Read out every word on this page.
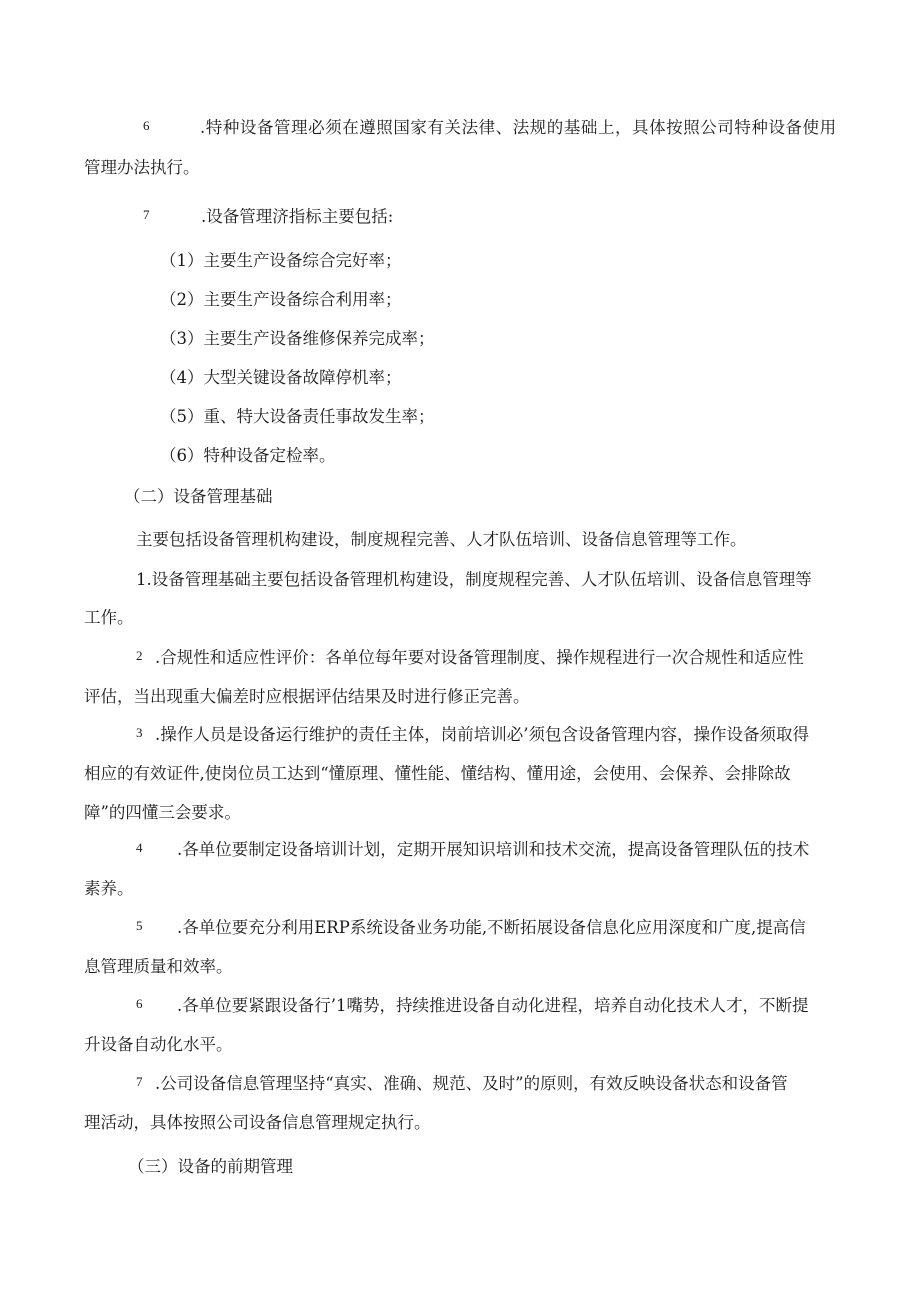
6	.特种设备管理必须在遵照国家有关法律、法规的基础上，具体按照公司特种设备使用
管理办法执行。
7	.设备管理济指标主要包括:
（1）主要生产设备综合完好率；
（2）主要生产设备综合利用率；
（3）主要生产设备维修保养完成率；
（4）大型关键设备故障停机率；
（5）重、特大设备责任事故发生率；
（6）特种设备定检率。
（二）设备管理基础
主要包括设备管理机构建设，制度规程完善、人才队伍培训、设备信息管理等工作。
1.设备管理基础主要包括设备管理机构建设，制度规程完善、人才队伍培训、设备信息管理等
工作。
2 .合规性和适应性评价：各单位每年要对设备管理制度、操作规程进行一次合规性和适应性
评估，当出现重大偏差时应根据评估结果及时进行修正完善。
3 .操作人员是设备运行维护的责任主体，岗前培训必’须包含设备管理内容，操作设备须取得
相应的有效证件,使岗位员工达到“懂原理、懂性能、懂结构、懂用途，会使用、会保养、会排除故
障”的四懂三会要求。
4 .各单位要制定设备培训计划，定期开展知识培训和技术交流，提高设备管理队伍的技术
素养。
5 .各单位要充分利用ERP系统设备业务功能,不断拓展设备信息化应用深度和广度,提高信
息管理质量和效率。
6 .各单位要紧跟设备行’1嘴势，持续推进设备自动化进程，培养自动化技术人才，不断提
升设备自动化水平。
7 .公司设备信息管理坚持“真实、准确、规范、及时”的原则，有效反映设备状态和设备管
理活动，具体按照公司设备信息管理规定执行。
（三）设备的前期管理
